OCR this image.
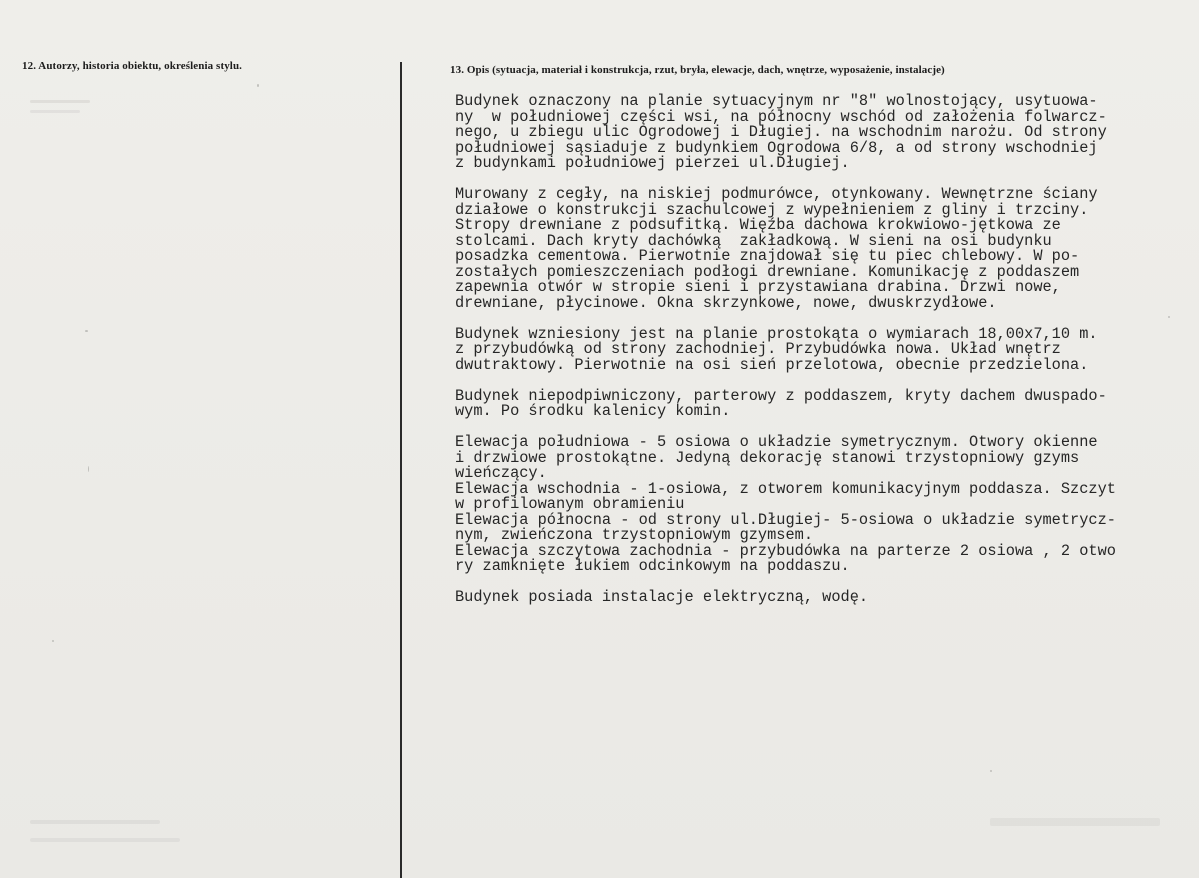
12. Autorzy, historia obiektu, określenia stylu.	13. Opis (sytuacja, materiał i konstrukcja, rzut, bryła, elewacje, dach, wnętrze, wyposażenie, instalacje)
Budynek oznaczony na planie sytuacyjnym nr "8" wolnostojący, usytuowa-
ny  w południowej części wsi, na północny wschód od założenia folwarcz-
nego, u zbiegu ulic Ogrodowej i Długiej. na wschodnim narożu. Od strony
południowej sąsiaduje z budynkiem Ogrodowa 6/8, a od strony wschodniej
z budynkami południowej pierzei ul.Długiej.
Murowany z cegły, na niskiej podmurówce, otynkowany. Wewnętrzne ściany
działowe o konstrukcji szachulcowej z wypełnieniem z gliny i trzciny.
Stropy drewniane z podsufitką. Więźba dachowa krokwiowo-jętkowa ze
stolcami. Dach kryty dachówką  zakładkową. W sieni na osi budynku
posadzka cementowa. Pierwotnie znajdował się tu piec chlebowy. W po-
zostałych pomieszczeniach podłogi drewniane. Komunikację z poddaszem
zapewnia otwór w stropie sieni i przystawiana drabina. Drzwi nowe,
drewniane, płycinowe. Okna skrzynkowe, nowe, dwuskrzydłowe.
Budynek wzniesiony jest na planie prostokąta o wymiarach 18,00x7,10 m.
z przybudówką od strony zachodniej. Przybudówka nowa. Układ wnętrz
dwutraktowy. Pierwotnie na osi sień przelotowa, obecnie przedzielona.
Budynek niepodpiwniczony, parterowy z poddaszem, kryty dachem dwuspado-
wym. Po środku kalenicy komin.
Elewacja południowa - 5 osiowa o układzie symetrycznym. Otwory okienne
i drzwiowe prostokątne. Jedyną dekorację stanowi trzystopniowy gzyms
wieńczący.
Elewacja wschodnia - 1-osiowa, z otworem komunikacyjnym poddasza. Szczyt
w profilowanym obramieniu
Elewacja północna - od strony ul.Długiej- 5-osiowa o układzie symetrycz-
nym, zwieńczona trzystopniowym gzymsem.
Elewacja szczytowa zachodnia - przybudówka na parterze 2 osiowa , 2 otwo
ry zamknięte łukiem odcinkowym na poddaszu.
Budynek posiada instalacje elektryczną, wodę.
